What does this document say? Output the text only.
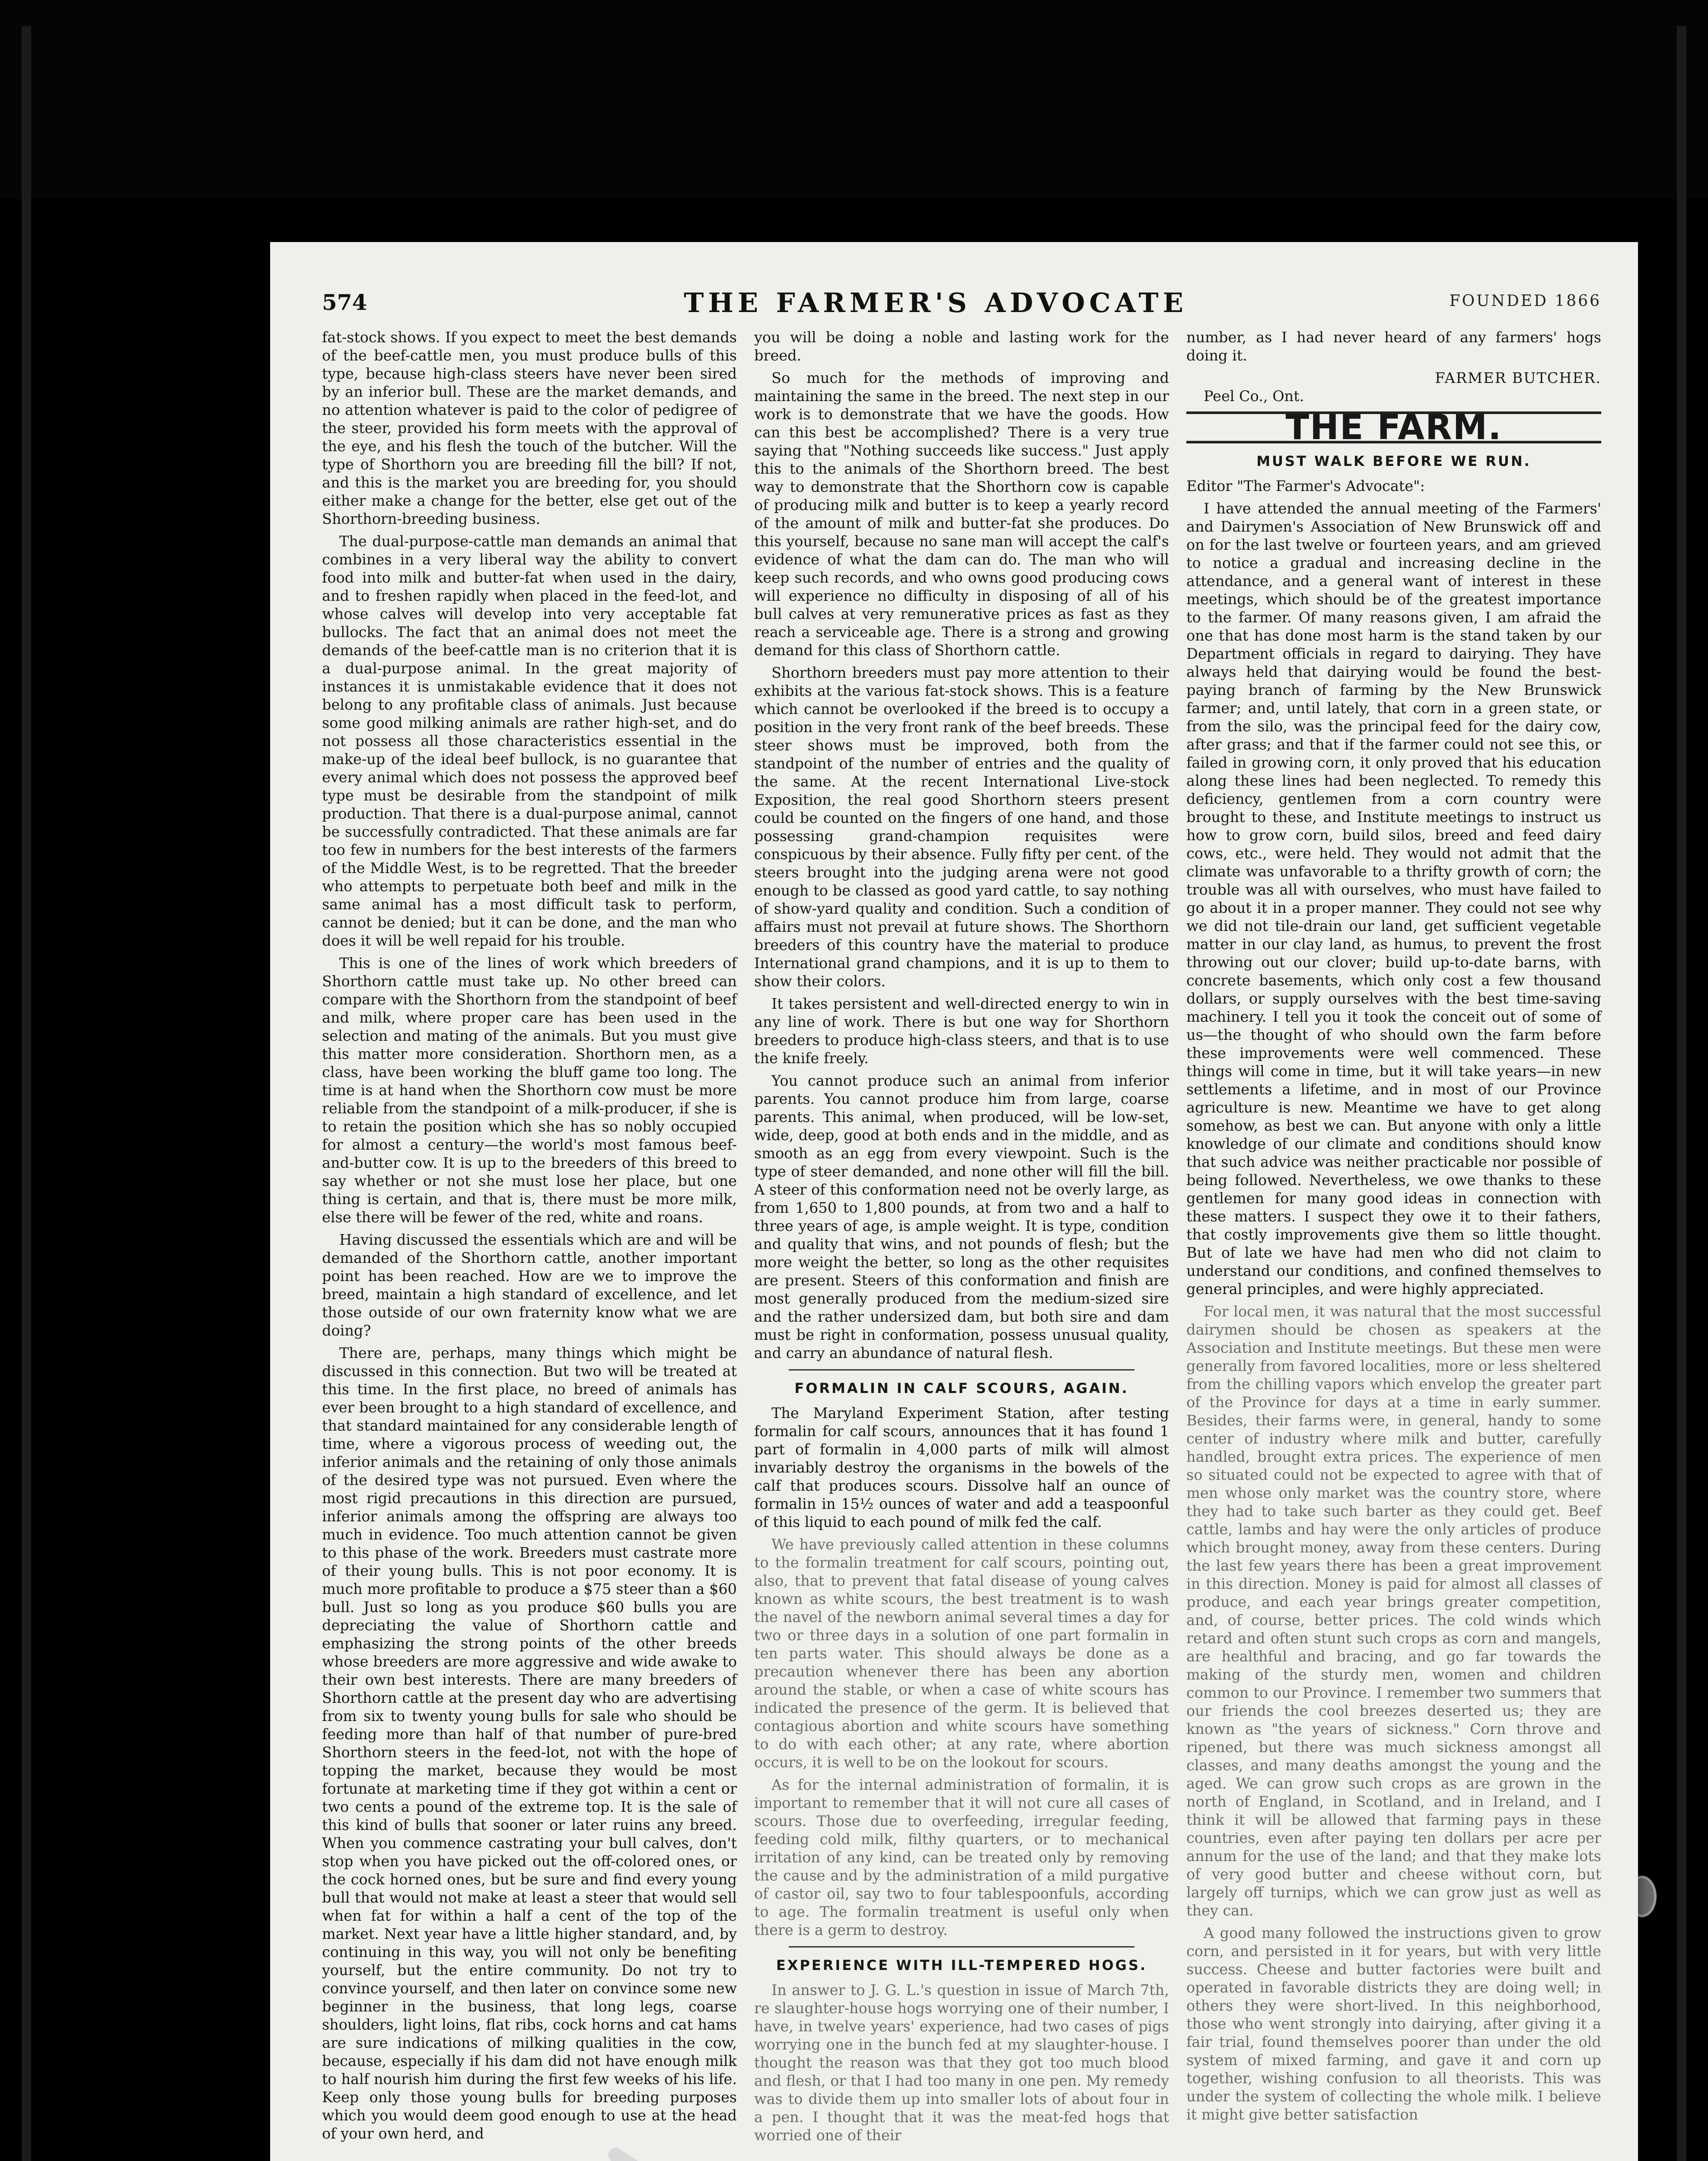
574	THE FARMER'S ADVOCATE	FOUNDED 1866

fat-stock shows. If you expect to meet the best demands of the beef-cattle men, you must produce bulls of this type, because high-class steers have never been sired by an inferior bull. These are the market demands, and no attention whatever is paid to the color of pedigree of the steer, provided his form meets with the approval of the eye, and his flesh the touch of the butcher. Will the type of Shorthorn you are breeding fill the bill? If not, and this is the market you are breeding for, you should either make a change for the better, else get out of the Shorthorn-breeding business.

The dual-purpose-cattle man demands an animal that combines in a very liberal way the ability to convert food into milk and butter-fat when used in the dairy, and to freshen rapidly when placed in the feed-lot, and whose calves will develop into very acceptable fat bullocks. The fact that an animal does not meet the demands of the beef-cattle man is no criterion that it is a dual-purpose animal. In the great majority of instances it is unmistakable evidence that it does not belong to any profitable class of animals. Just because some good milking animals are rather high-set, and do not possess all those characteristics essential in the make-up of the ideal beef bullock, is no guarantee that every animal which does not possess the approved beef type must be desirable from the standpoint of milk production. That there is a dual-purpose animal, cannot be successfully contradicted. That these animals are far too few in numbers for the best interests of the farmers of the Middle West, is to be regretted. That the breeder who attempts to perpetuate both beef and milk in the same animal has a most difficult task to perform, cannot be denied; but it can be done, and the man who does it will be well repaid for his trouble.

This is one of the lines of work which breeders of Shorthorn cattle must take up. No other breed can compare with the Shorthorn from the standpoint of beef and milk, where proper care has been used in the selection and mating of the animals. But you must give this matter more consideration. Shorthorn men, as a class, have been working the bluff game too long. The time is at hand when the Shorthorn cow must be more reliable from the standpoint of a milk-producer, if she is to retain the position which she has so nobly occupied for almost a century—the world's most famous beef-and-butter cow. It is up to the breeders of this breed to say whether or not she must lose her place, but one thing is certain, and that is, there must be more milk, else there will be fewer of the red, white and roans.

Having discussed the essentials which are and will be demanded of the Shorthorn cattle, another important point has been reached. How are we to improve the breed, maintain a high standard of excellence, and let those outside of our own fraternity know what we are doing?

There are, perhaps, many things which might be discussed in this connection. But two will be treated at this time. In the first place, no breed of animals has ever been brought to a high standard of excellence, and that standard maintained for any considerable length of time, where a vigorous process of weeding out, the inferior animals and the retaining of only those animals of the desired type was not pursued. Even where the most rigid precautions in this direction are pursued, inferior animals among the offspring are always too much in evidence. Too much attention cannot be given to this phase of the work. Breeders must castrate more of their young bulls. This is not poor economy. It is much more profitable to produce a $75 steer than a $60 bull. Just so long as you produce $60 bulls you are depreciating the value of Shorthorn cattle and emphasizing the strong points of the other breeds whose breeders are more aggressive and wide awake to their own best interests. There are many breeders of Shorthorn cattle at the present day who are advertising from six to twenty young bulls for sale who should be feeding more than half of that number of pure-bred Shorthorn steers in the feed-lot, not with the hope of topping the market, because they would be most fortunate at marketing time if they got within a cent or two cents a pound of the extreme top. It is the sale of this kind of bulls that sooner or later ruins any breed. When you commence castrating your bull calves, don't stop when you have picked out the off-colored ones, or the cock horned ones, but be sure and find every young bull that would not make at least a steer that would sell when fat for within a half a cent of the top of the market. Next year have a little higher standard, and, by continuing in this way, you will not only be benefiting yourself, but the entire community. Do not try to convince yourself, and then later on convince some new beginner in the business, that long legs, coarse shoulders, light loins, flat ribs, cock horns and cat hams are sure indications of milking qualities in the cow, because, especially if his dam did not have enough milk to half nourish him during the first few weeks of his life. Keep only those young bulls for breeding purposes which you would deem good enough to use at the head of your own herd, and

you will be doing a noble and lasting work for the breed.

So much for the methods of improving and maintaining the same in the breed. The next step in our work is to demonstrate that we have the goods. How can this best be accomplished? There is a very true saying that "Nothing succeeds like success." Just apply this to the animals of the Shorthorn breed. The best way to demonstrate that the Shorthorn cow is capable of producing milk and butter is to keep a yearly record of the amount of milk and butter-fat she produces. Do this yourself, because no sane man will accept the calf's evidence of what the dam can do. The man who will keep such records, and who owns good producing cows will experience no difficulty in disposing of all of his bull calves at very remunerative prices as fast as they reach a serviceable age. There is a strong and growing demand for this class of Shorthorn cattle.

Shorthorn breeders must pay more attention to their exhibits at the various fat-stock shows. This is a feature which cannot be overlooked if the breed is to occupy a position in the very front rank of the beef breeds. These steer shows must be improved, both from the standpoint of the number of entries and the quality of the same. At the recent International Live-stock Exposition, the real good Shorthorn steers present could be counted on the fingers of one hand, and those possessing grand-champion requisites were conspicuous by their absence. Fully fifty per cent. of the steers brought into the judging arena were not good enough to be classed as good yard cattle, to say nothing of show-yard quality and condition. Such a condition of affairs must not prevail at future shows. The Shorthorn breeders of this country have the material to produce International grand champions, and it is up to them to show their colors.

It takes persistent and well-directed energy to win in any line of work. There is but one way for Shorthorn breeders to produce high-class steers, and that is to use the knife freely.

You cannot produce such an animal from inferior parents. You cannot produce him from large, coarse parents. This animal, when produced, will be low-set, wide, deep, good at both ends and in the middle, and as smooth as an egg from every viewpoint. Such is the type of steer demanded, and none other will fill the bill. A steer of this conformation need not be overly large, as from 1,650 to 1,800 pounds, at from two and a half to three years of age, is ample weight. It is type, condition and quality that wins, and not pounds of flesh; but the more weight the better, so long as the other requisites are present. Steers of this conformation and finish are most generally produced from the medium-sized sire and the rather undersized dam, but both sire and dam must be right in conformation, possess unusual quality, and carry an abundance of natural flesh.

FORMALIN IN CALF SCOURS, AGAIN.

The Maryland Experiment Station, after testing formalin for calf scours, announces that it has found 1 part of formalin in 4,000 parts of milk will almost invariably destroy the organisms in the bowels of the calf that produces scours. Dissolve half an ounce of formalin in 15½ ounces of water and add a teaspoonful of this liquid to each pound of milk fed the calf.

We have previously called attention in these columns to the formalin treatment for calf scours, pointing out, also, that to prevent that fatal disease of young calves known as white scours, the best treatment is to wash the navel of the newborn animal several times a day for two or three days in a solution of one part formalin in ten parts water. This should always be done as a precaution whenever there has been any abortion around the stable, or when a case of white scours has indicated the presence of the germ. It is believed that contagious abortion and white scours have something to do with each other; at any rate, where abortion occurs, it is well to be on the lookout for scours.

As for the internal administration of formalin, it is important to remember that it will not cure all cases of scours. Those due to overfeeding, irregular feeding, feeding cold milk, filthy quarters, or to mechanical irritation of any kind, can be treated only by removing the cause and by the administration of a mild purgative of castor oil, say two to four tablespoonfuls, according to age. The formalin treatment is useful only when there is a germ to destroy.

EXPERIENCE WITH ILL-TEMPERED HOGS.

In answer to J. G. L.'s question in issue of March 7th, re slaughter-house hogs worrying one of their number, I have, in twelve years' experience, had two cases of pigs worrying one in the bunch fed at my slaughter-house. I thought the reason was that they got too much blood and flesh, or that I had too many in one pen. My remedy was to divide them up into smaller lots of about four in a pen. I thought that it was the meat-fed hogs that worried one of their

number, as I had never heard of any farmers' hogs doing it.

FARMER BUTCHER.

Peel Co., Ont.

THE FARM.
MUST WALK BEFORE WE RUN.

Editor "The Farmer's Advocate":

I have attended the annual meeting of the Farmers' and Dairymen's Association of New Brunswick off and on for the last twelve or fourteen years, and am grieved to notice a gradual and increasing decline in the attendance, and a general want of interest in these meetings, which should be of the greatest importance to the farmer. Of many reasons given, I am afraid the one that has done most harm is the stand taken by our Department officials in regard to dairying. They have always held that dairying would be found the best-paying branch of farming by the New Brunswick farmer; and, until lately, that corn in a green state, or from the silo, was the principal feed for the dairy cow, after grass; and that if the farmer could not see this, or failed in growing corn, it only proved that his education along these lines had been neglected. To remedy this deficiency, gentlemen from a corn country were brought to these, and Institute meetings to instruct us how to grow corn, build silos, breed and feed dairy cows, etc., were held. They would not admit that the climate was unfavorable to a thrifty growth of corn; the trouble was all with ourselves, who must have failed to go about it in a proper manner. They could not see why we did not tile-drain our land, get sufficient vegetable matter in our clay land, as humus, to prevent the frost throwing out our clover; build up-to-date barns, with concrete basements, which only cost a few thousand dollars, or supply ourselves with the best time-saving machinery. I tell you it took the conceit out of some of us—the thought of who should own the farm before these improvements were well commenced. These things will come in time, but it will take years—in new settlements a lifetime, and in most of our Province agriculture is new. Meantime we have to get along somehow, as best we can. But anyone with only a little knowledge of our climate and conditions should know that such advice was neither practicable nor possible of being followed. Nevertheless, we owe thanks to these gentlemen for many good ideas in connection with these matters. I suspect they owe it to their fathers, that costly improvements give them so little thought. But of late we have had men who did not claim to understand our conditions, and confined themselves to general principles, and were highly appreciated.

For local men, it was natural that the most successful dairymen should be chosen as speakers at the Association and Institute meetings. But these men were generally from favored localities, more or less sheltered from the chilling vapors which envelop the greater part of the Province for days at a time in early summer. Besides, their farms were, in general, handy to some center of industry where milk and butter, carefully handled, brought extra prices. The experience of men so situated could not be expected to agree with that of men whose only market was the country store, where they had to take such barter as they could get. Beef cattle, lambs and hay were the only articles of produce which brought money, away from these centers. During the last few years there has been a great improvement in this direction. Money is paid for almost all classes of produce, and each year brings greater competition, and, of course, better prices. The cold winds which retard and often stunt such crops as corn and mangels, are healthful and bracing, and go far towards the making of the sturdy men, women and children common to our Province. I remember two summers that our friends the cool breezes deserted us; they are known as "the years of sickness." Corn throve and ripened, but there was much sickness amongst all classes, and many deaths amongst the young and the aged. We can grow such crops as are grown in the north of England, in Scotland, and in Ireland, and I think it will be allowed that farming pays in these countries, even after paying ten dollars per acre per annum for the use of the land; and that they make lots of very good butter and cheese without corn, but largely off turnips, which we can grow just as well as they can.

A good many followed the instructions given to grow corn, and persisted in it for years, but with very little success. Cheese and butter factories were built and operated in favorable districts they are doing well; in others they were short-lived. In this neighborhood, those who went strongly into dairying, after giving it a fair trial, found themselves poorer than under the old system of mixed farming, and gave it and corn up together, wishing confusion to all theorists. This was under the system of collecting the whole milk. I believe it might give better satisfaction
